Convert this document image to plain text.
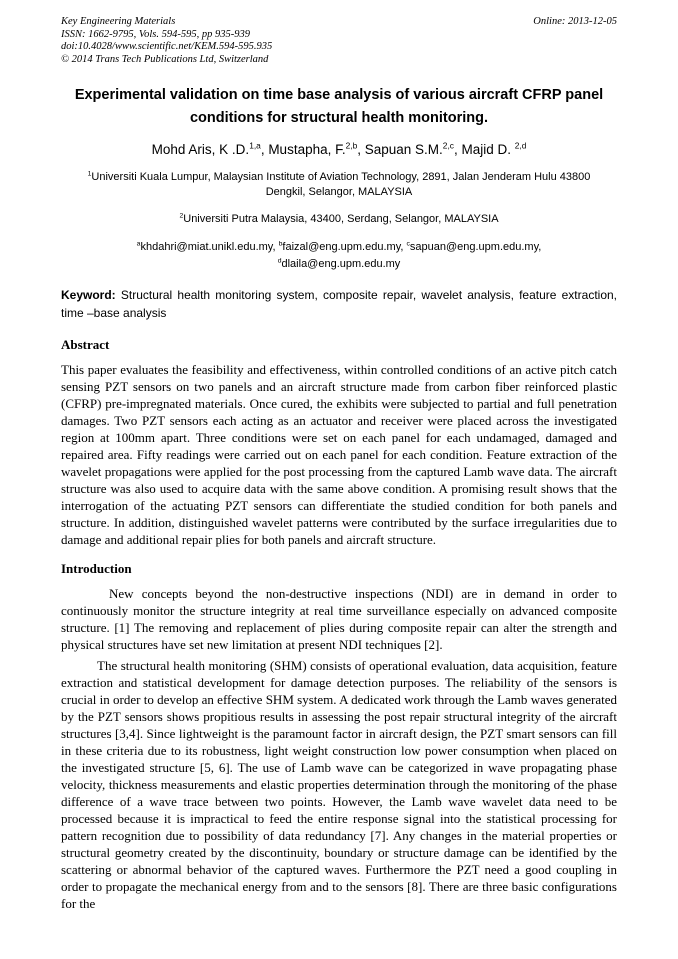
Key Engineering Materials
ISSN: 1662-9795, Vols. 594-595, pp 935-939
doi:10.4028/www.scientific.net/KEM.594-595.935
© 2014 Trans Tech Publications Ltd, Switzerland
Online: 2013-12-05
Experimental validation on time base analysis of various aircraft CFRP panel conditions for structural health monitoring.
Mohd Aris, K .D.$^{1,a}$, Mustapha, F.$^{2,b}$, Sapuan S.M.$^{2,c}$, Majid D. $^{2,d}$
$^1$Universiti Kuala Lumpur, Malaysian Institute of Aviation Technology, 2891, Jalan Jenderam Hulu 43800 Dengkil, Selangor, MALAYSIA
$^2$Universiti Putra Malaysia, 43400, Serdang, Selangor, MALAYSIA
$^a$khdahri@miat.unikl.edu.my, $^b$faizal@eng.upm.edu.my, $^c$sapuan@eng.upm.edu.my,
$^d$dlaila@eng.upm.edu.my
Keyword: Structural health monitoring system, composite repair, wavelet analysis, feature extraction, time –base analysis
Abstract

This paper evaluates the feasibility and effectiveness, within controlled conditions of an active pitch catch sensing PZT sensors on two panels and an aircraft structure made from carbon fiber reinforced plastic (CFRP) pre-impregnated materials. Once cured, the exhibits were subjected to partial and full penetration damages. Two PZT sensors each acting as an actuator and receiver were placed across the investigated region at 100mm apart. Three conditions were set on each panel for each undamaged, damaged and repaired area. Fifty readings were carried out on each panel for each condition. Feature extraction of the wavelet propagations were applied for the post processing from the captured Lamb wave data. The aircraft structure was also used to acquire data with the same above condition. A promising result shows that the interrogation of the actuating PZT sensors can differentiate the studied condition for both panels and structure. In addition, distinguished wavelet patterns were contributed by the surface irregularities due to damage and additional repair plies for both panels and aircraft structure.

Introduction

New concepts beyond the non-destructive inspections (NDI) are in demand in order to continuously monitor the structure integrity at real time surveillance especially on advanced composite structure. [1] The removing and replacement of plies during composite repair can alter the strength and physical structures have set new limitation at present NDI techniques [2].

The structural health monitoring (SHM) consists of operational evaluation, data acquisition, feature extraction and statistical development for damage detection purposes. The reliability of the sensors is crucial in order to develop an effective SHM system. A dedicated work through the Lamb waves generated by the PZT sensors shows propitious results in assessing the post repair structural integrity of the aircraft structures [3,4]. Since lightweight is the paramount factor in aircraft design, the PZT smart sensors can fill in these criteria due to its robustness, light weight construction low power consumption when placed on the investigated structure [5, 6]. The use of Lamb wave can be categorized in wave propagating phase velocity, thickness measurements and elastic properties determination through the monitoring of the phase difference of a wave trace between two points. However, the Lamb wave wavelet data need to be processed because it is impractical to feed the entire response signal into the statistical processing for pattern recognition due to possibility of data redundancy [7]. Any changes in the material properties or structural geometry created by the discontinuity, boundary or structure damage can be identified by the scattering or abnormal behavior of the captured waves. Furthermore the PZT need a good coupling in order to propagate the mechanical energy from and to the sensors [8]. There are three basic configurations for the
